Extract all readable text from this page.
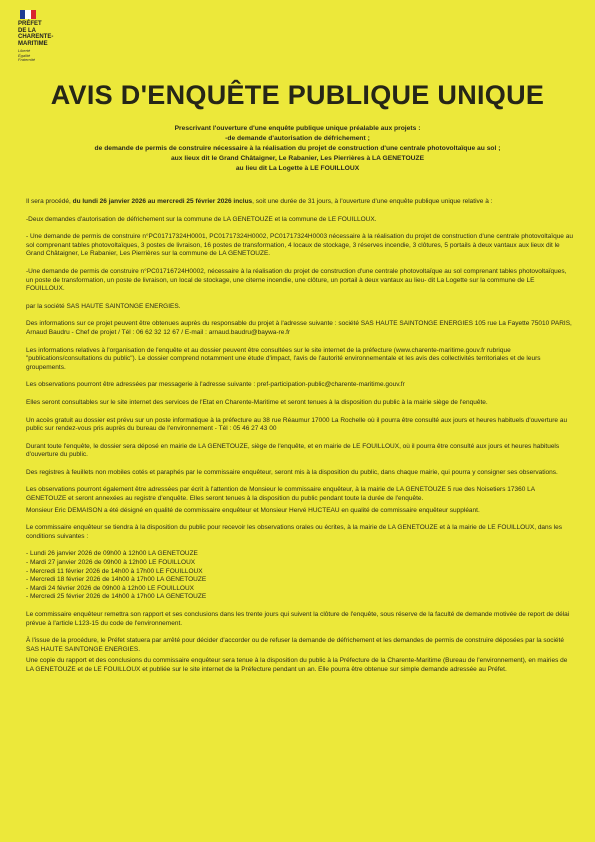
PRÉFET
DE LA
CHARENTE-
MARITIME
Liberté
Égalité
Fraternité
AVIS D'ENQUÊTE PUBLIQUE UNIQUE
Prescrivant l'ouverture d'une enquête publique unique préalable aux projets :
-de demande d'autorisation de défrichement ;
de demande de permis de construire nécessaire à la réalisation du projet de construction d'une centrale photovoltaïque au sol ;
aux lieux dit le Grand Châtaigner, Le Rabanier, Les Pierrières à LA GENETOUZE
au lieu dit La Logette à LE FOUILLOUX

Il sera procédé, du lundi 26 janvier 2026 au mercredi 25 février 2026 inclus, soit une durée de 31 jours, à l'ouverture d'une enquête publique unique relative à :

-Deux demandes d'autorisation de défrichement sur la commune de LA GENETOUZE et la commune de LE FOUILLOUX.

- Une demande de permis de construire n°PC01717324H0001, PC01717324H0002, PC01717324H0003 nécessaire à la réalisation du projet de construction d'une centrale photovoltaïque au sol comprenant tables photovoltaïques, 3 postes de livraison, 16 postes de transformation, 4 locaux de stockage, 3 réserves incendie, 3 clôtures, 5 portails à deux vantaux aux lieux dit le Grand Châtaigner, Le Rabanier, Les Pierrières sur la commune de LA GENETOUZE.

-Une demande de permis de construire n°PC01716724H0002, nécessaire à la réalisation du projet de construction d'une centrale photovoltaïque au sol comprenant tables photovoltaïques, un poste de transformation, un poste de livraison, un local de stockage, une citerne incendie, une clôture, un portail à deux vantaux au lieu- dit La Logette sur la commune de LE FOUILLOUX.

par la société SAS HAUTE SAINTONGE ENERGIES.

Des informations sur ce projet peuvent être obtenues auprès du responsable du projet à l'adresse suivante : société SAS HAUTE SAINTONGE ENERGIES 105 rue La Fayette 75010 PARIS, Arnaud Baudru - Chef de projet / Tél : 06 62 32 12 67 / E-mail : arnaud.baudru@baywa-re.fr

Les informations relatives à l'organisation de l'enquête et au dossier peuvent être consultées sur le site internet de la préfecture (www.charente-maritime.gouv.fr rubrique "publications/consultations du public"). Le dossier comprend notamment une étude d'impact, l'avis de l'autorité environnementale et les avis des collectivités territoriales et de leurs groupements.

Les observations pourront être adressées par messagerie à l'adresse suivante : pref-participation-public@charente-maritime.gouv.fr

Elles seront consultables sur le site internet des services de l'Etat en Charente-Maritime et seront tenues à la disposition du public à la mairie siège de l'enquête.

Un accès gratuit au dossier est prévu sur un poste informatique à la préfecture au 38 rue Réaumur 17000 La Rochelle où il pourra être consulté aux jours et heures habituels d'ouverture au public sur rendez-vous pris auprès du bureau de l'environnement - Tél : 05 46 27 43 00

Durant toute l'enquête, le dossier sera déposé en mairie de LA GENETOUZE, siège de l'enquête, et en mairie de LE FOUILLOUX, où il pourra être consulté aux jours et heures habituels d'ouverture du public.

Des registres à feuillets non mobiles cotés et paraphés par le commissaire enquêteur, seront mis à la disposition du public, dans chaque mairie, qui pourra y consigner ses observations.

Les observations pourront également être adressées par écrit à l'attention de Monsieur le commissaire enquêteur, à la mairie de LA GENETOUZE 5 rue des Noisetiers 17360 LA GENETOUZE et seront annexées au registre d'enquête. Elles seront tenues à la disposition du public pendant toute la durée de l'enquête.

Monsieur Eric DEMAISON a été désigné en qualité de commissaire enquêteur et Monsieur Hervé HUCTEAU en qualité de commissaire enquêteur suppléant.

Le commissaire enquêteur se tiendra à la disposition du public pour recevoir les observations orales ou écrites, à la mairie de LA GENETOUZE et à la mairie de LE FOUILLOUX, dans les conditions suivantes :

- Lundi 26 janvier 2026 de 09h00 à 12h00 LA GENETOUZE
- Mardi 27 janvier 2026 de 09h00 à 12h00 LE FOUILLOUX
- Mercredi 11 février 2026 de 14h00 à 17h00 LE FOUILLOUX
- Mercredi 18 février 2026 de 14h00 à 17h00 LA GENETOUZE
- Mardi 24 février 2026 de 09h00 à 12h00 LE FOUILLOUX
- Mercredi 25 février 2026 de 14h00 à 17h00 LA GENETOUZE

Le commissaire enquêteur remettra son rapport et ses conclusions dans les trente jours qui suivent la clôture de l'enquête, sous réserve de la faculté de demande motivée de report de délai prévue à l'article L123-15 du code de l'environnement.

À l'issue de la procédure, le Préfet statuera par arrêté pour décider d'accorder ou de refuser la demande de défrichement et les demandes de permis de construire déposées par la société SAS HAUTE SAINTONGE ENERGIES.

Une copie du rapport et des conclusions du commissaire enquêteur sera tenue à la disposition du public à la Préfecture de la Charente-Maritime (Bureau de l'environnement), en mairies de LA GENETOUZE et de LE FOUILLOUX et publiée sur le site internet de la Préfecture pendant un an. Elle pourra être obtenue sur simple demande adressée au Préfet.
